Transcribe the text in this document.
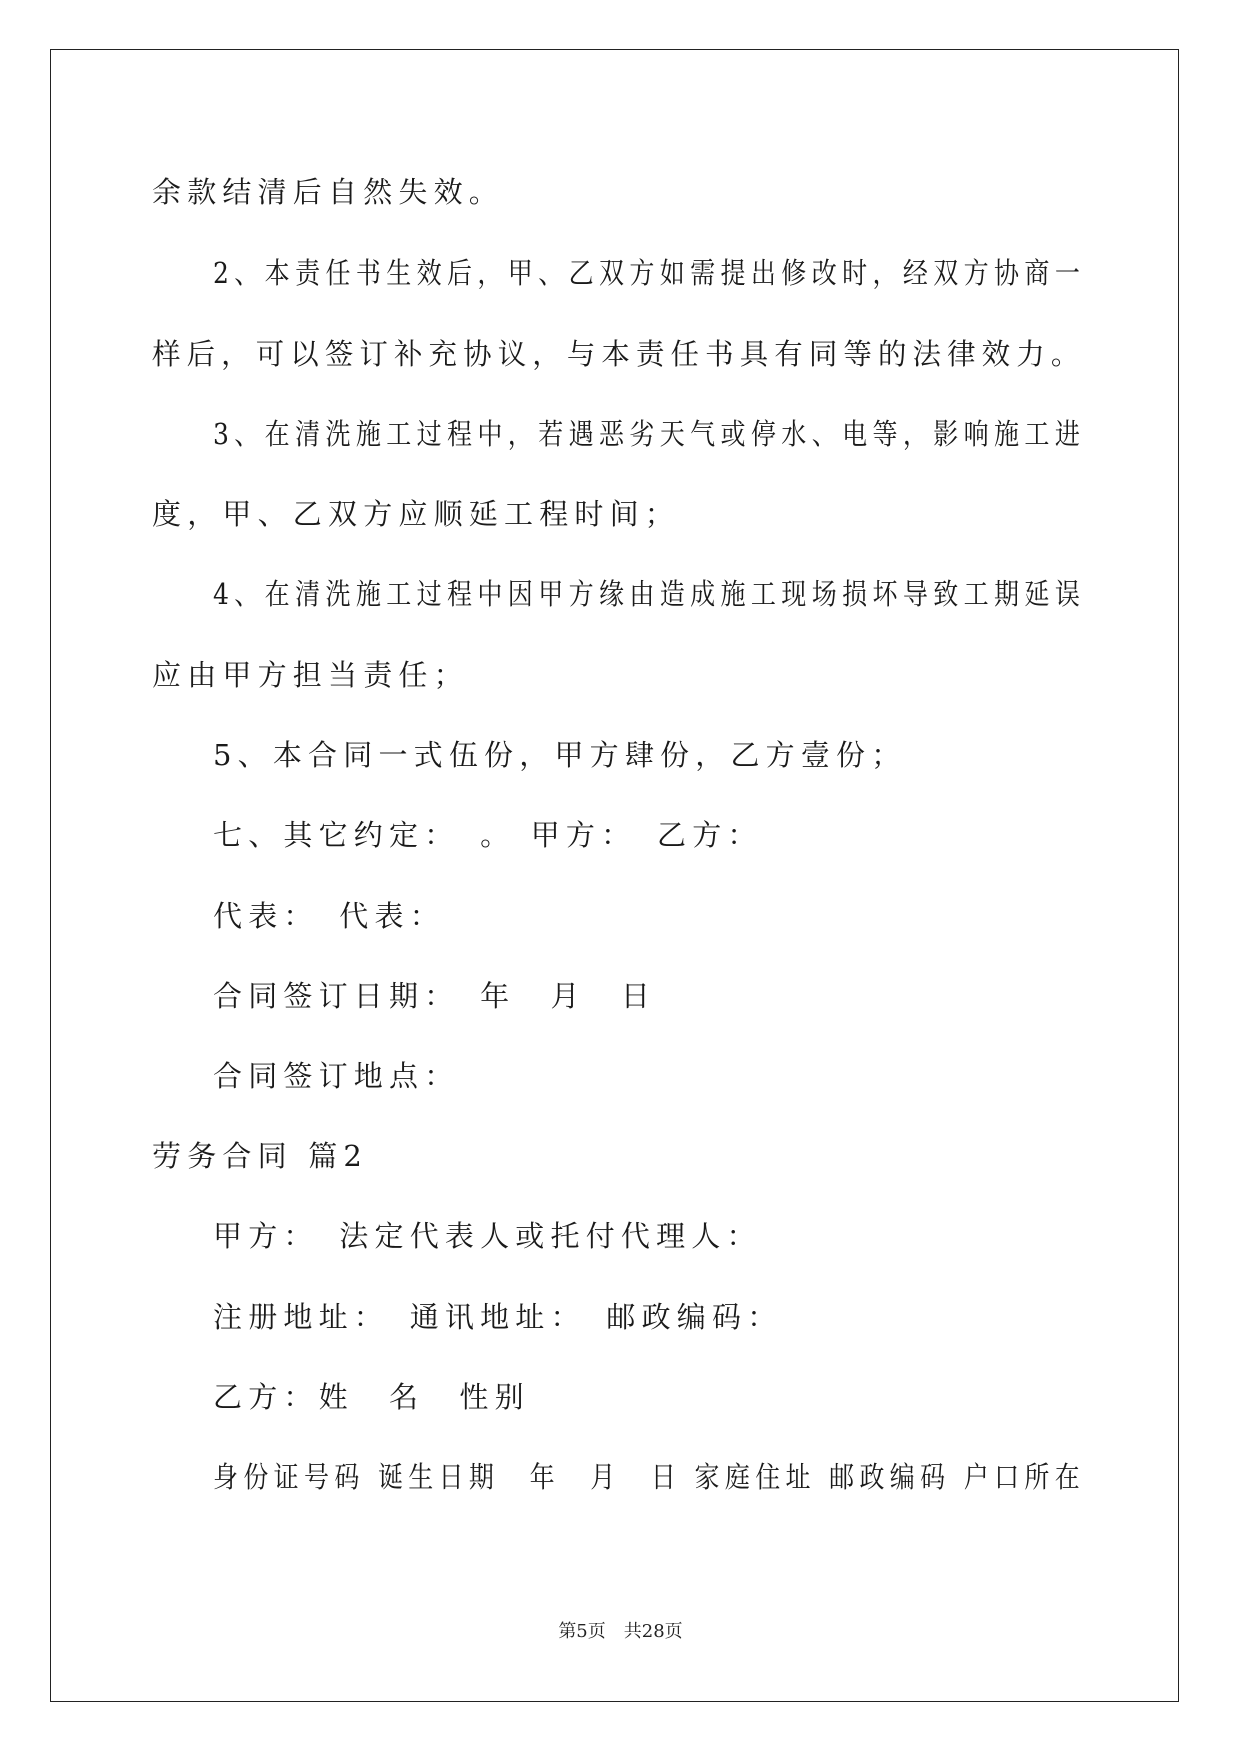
余款结清后自然失效。
2、本责任书生效后，甲、乙双方如需提出修改时，经双方协商一
样后，可以签订补充协议，与本责任书具有同等的法律效力。
3、在清洗施工过程中，若遇恶劣天气或停水、电等，影响施工进
度，甲、乙双方应顺延工程时间；
4、在清洗施工过程中因甲方缘由造成施工现场损坏导致工期延误
应由甲方担当责任；
5、本合同一式伍份，甲方肆份，乙方壹份；
七、其它约定：　。 甲方：　乙方：
代表：　代表：
合同签订日期：　年　月　日
合同签订地点：
劳务合同 篇2
甲方：　法定代表人或托付代理人：
注册地址：　通讯地址：　邮政编码：
乙方：姓　名　性别
身份证号码 诞生日期　年　月　日 家庭住址 邮政编码 户口所在
第5页　共28页
